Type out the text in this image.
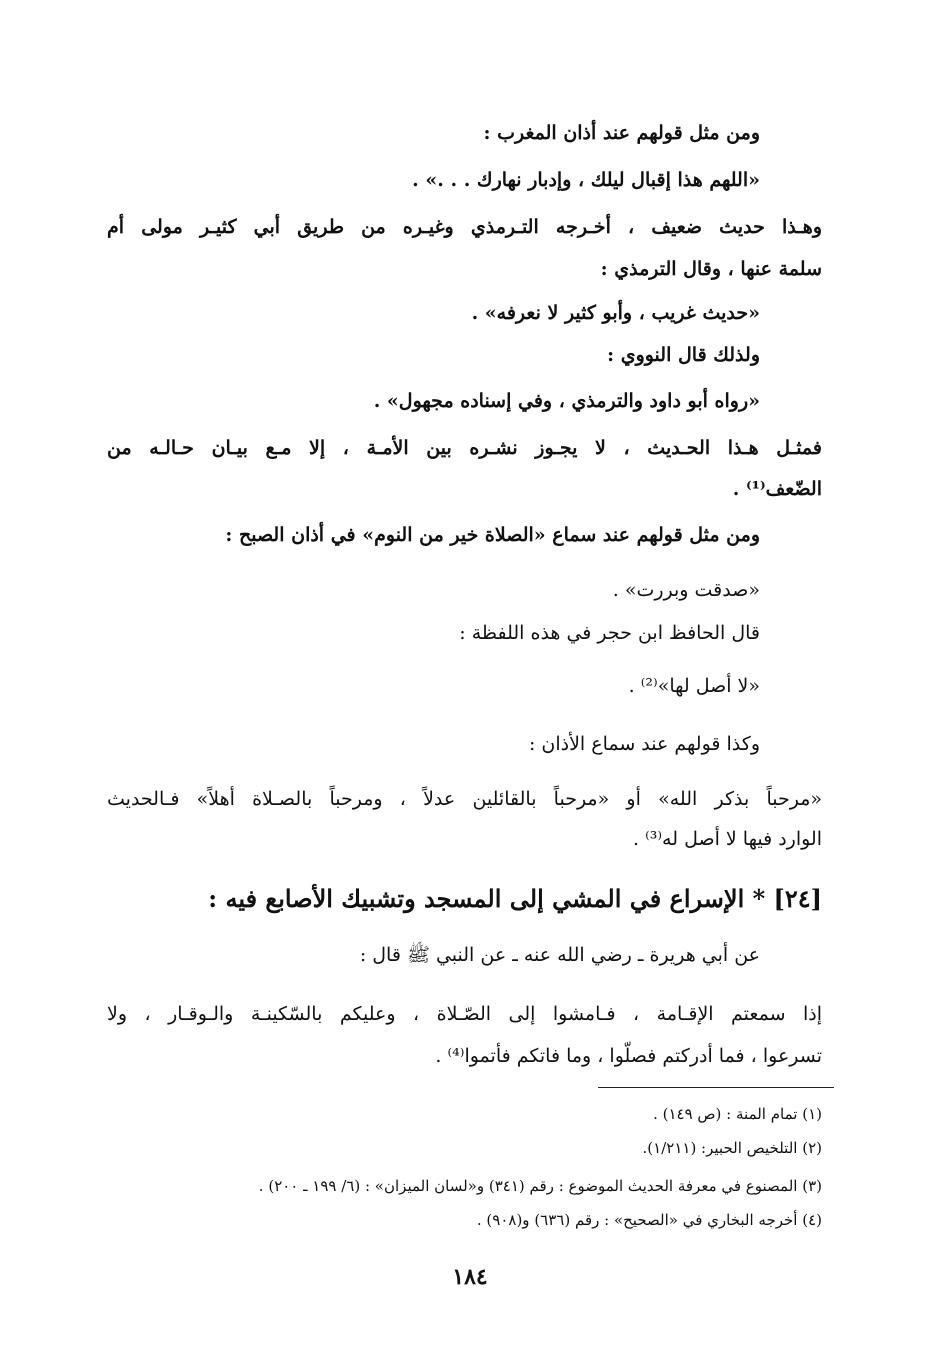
ومن مثل قولهم عند أذان المغرب :
«اللهم هذا إقبال ليلك ، وإدبار نهارك . . .» .
وهـذا حديث ضعيف ، أخـرجه التـرمذي وغيـره من طريق أبي كثيـر مولى أم
سلمة عنها ، وقال الترمذي :
«حديث غريب ، وأبو كثير لا نعرفه» .
ولذلك قال النووي :
«رواه أبو داود والترمذي ، وفي إسناده مجهول» .
فمثـل هـذا الحـديث ، لا يجـوز نشـره بين الأمـة ، إلا مـع بيـان حـالـه من
الضّعف⁽¹⁾ .
ومن مثل قولهم عند سماع «الصلاة خير من النوم» في أذان الصبح :
«صدقت وبررت» .
قال الحافظ ابن حجر في هذه اللفظة :
«لا أصل لها»⁽²⁾ .
وكذا قولهم عند سماع الأذان :
«مرحباً بذكر الله» أو «مرحباً بالقائلين عدلاً ، ومرحباً بالصـلاة أهلاً» فـالحديث
الوارد فيها لا أصل له⁽³⁾ .
[٢٤] * الإسراع في المشي إلى المسجد وتشبيك الأصابع فيه :
عن أبي هريرة ـ رضي الله عنه ـ عن النبي ﷺ قال :
إذا سمعتم الإقـامة ، فـامشوا إلى الصّـلاة ، وعليكم بالسّكينـة والـوقـار ، ولا
تسرعوا ، فما أدركتم فصلّوا ، وما فاتكم فأتموا⁽⁴⁾ .
(١) تمام المنة : (ص ١٤٩) .
(٢) التلخيص الحبير: (١/٢١١).
(٣) المصنوع في معرفة الحديث الموضوع : رقم (٣٤١) و«لسان الميزان» : (٦/ ١٩٩ ـ ٢٠٠) .
(٤) أخرجه البخاري في «الصحيح» : رقم (٦٣٦) و(٩٠٨) .
١٨٤
